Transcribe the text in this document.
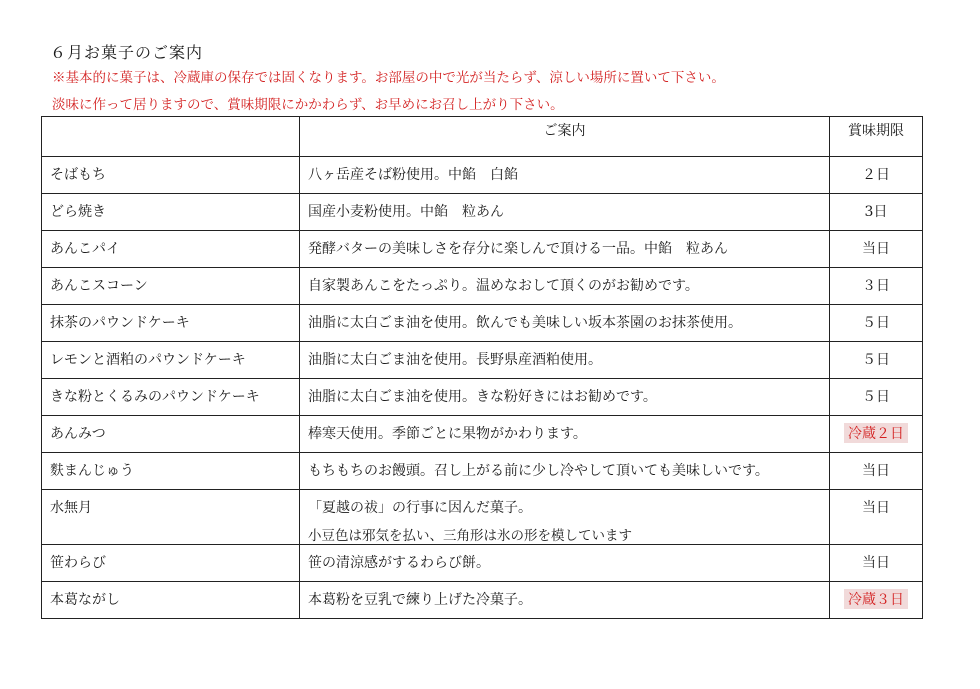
６月お菓子のご案内
※基本的に菓子は、冷蔵庫の保存では固くなります。お部屋の中で光が当たらず、涼しい場所に置いて下さい。
淡味に作って居りますので、賞味期限にかかわらず、お早めにお召し上がり下さい。
	ご案内	賞味期限
そばもち	八ヶ岳産そば粉使用。中餡　白餡	２日
どら焼き	国産小麦粉使用。中餡　粒あん	3日
あんこパイ	発酵バターの美味しさを存分に楽しんで頂ける一品。中餡　粒あん	当日
あんこスコーン	自家製あんこをたっぷり。温めなおして頂くのがお勧めです。	３日
抹茶のパウンドケーキ	油脂に太白ごま油を使用。飲んでも美味しい坂本茶園のお抹茶使用。	５日
レモンと酒粕のパウンドケーキ	油脂に太白ごま油を使用。長野県産酒粕使用。	５日
きな粉とくるみのパウンドケーキ	油脂に太白ごま油を使用。きな粉好きにはお勧めです。	５日
あんみつ	棒寒天使用。季節ごとに果物がかわります。	冷蔵２日
麩まんじゅう	もちもちのお饅頭。召し上がる前に少し冷やして頂いても美味しいです。	当日
水無月	「夏越の祓」の行事に因んだ菓子。
小豆色は邪気を払い、三角形は氷の形を模しています	当日
笹わらび	笹の清涼感がするわらび餅。	当日
本葛ながし	本葛粉を豆乳で練り上げた冷菓子。	冷蔵３日
